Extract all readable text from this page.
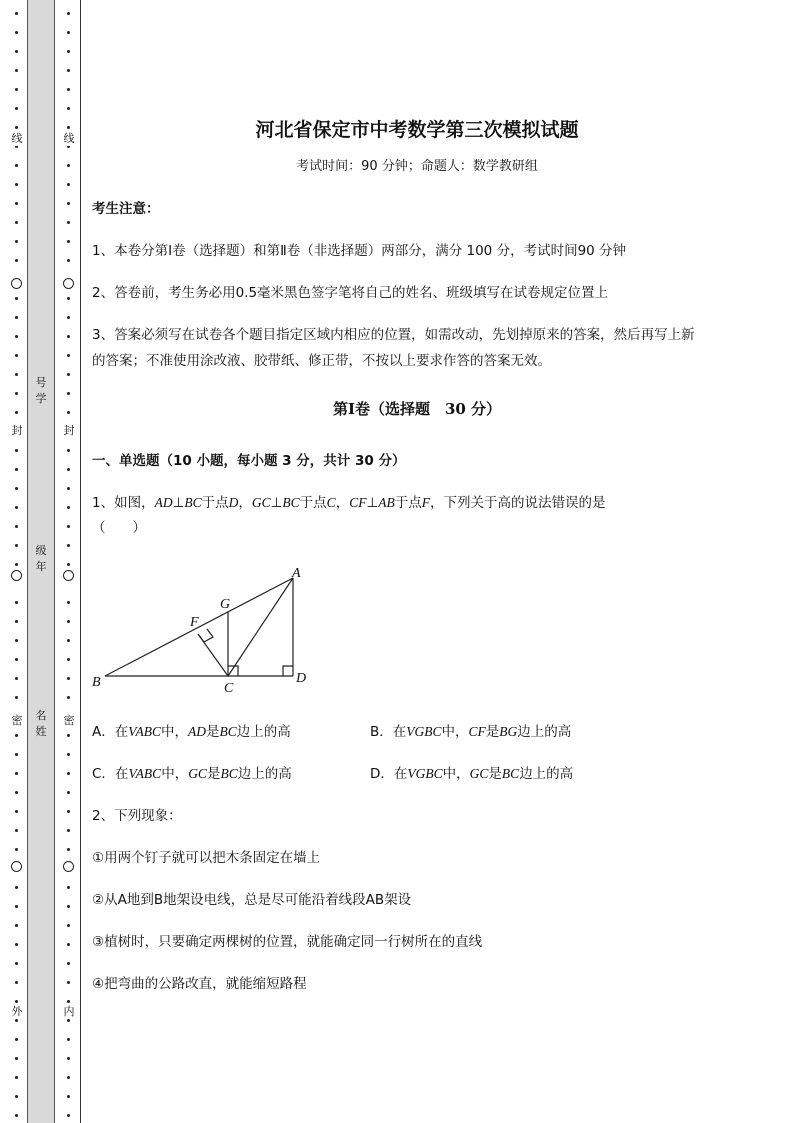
线
封
密
外
线
封
密
内
号学
级年
名姓
河北省保定市中考数学第三次模拟试题
考试时间：90 分钟；命题人：数学教研组
考生注意：
1、本卷分第Ⅰ卷（选择题）和第Ⅱ卷（非选择题）两部分，满分 100 分，考试时间90 分钟
2、答卷前，考生务必用0.5毫米黑色签字笔将自己的姓名、班级填写在试卷规定位置上
3、答案必须写在试卷各个题目指定区域内相应的位置，如需改动，先划掉原来的答案，然后再写上新
的答案；不准使用涂改液、胶带纸、修正带，不按以上要求作答的答案无效。
第Ⅰ卷（选择题　30 分）
一、单选题（10 小题，每小题 3 分，共计 30 分）
1、如图，AD⊥BC于点D，GC⊥BC于点C，CF⊥AB于点F，下列关于高的说法错误的是
（　　）
A
B	C
D
F
G
A．在VABC中，AD是BC边上的高	B．在VGBC中，CF是BG边上的高
C．在VABC中，GC是BC边上的高	D．在VGBC中，GC是BC边上的高
2、下列现象：
①用两个钉子就可以把木条固定在墙上
②从A地到B地架设电线，总是尽可能沿着线段AB架设
③植树时，只要确定两棵树的位置，就能确定同一行树所在的直线
④把弯曲的公路改直，就能缩短路程
